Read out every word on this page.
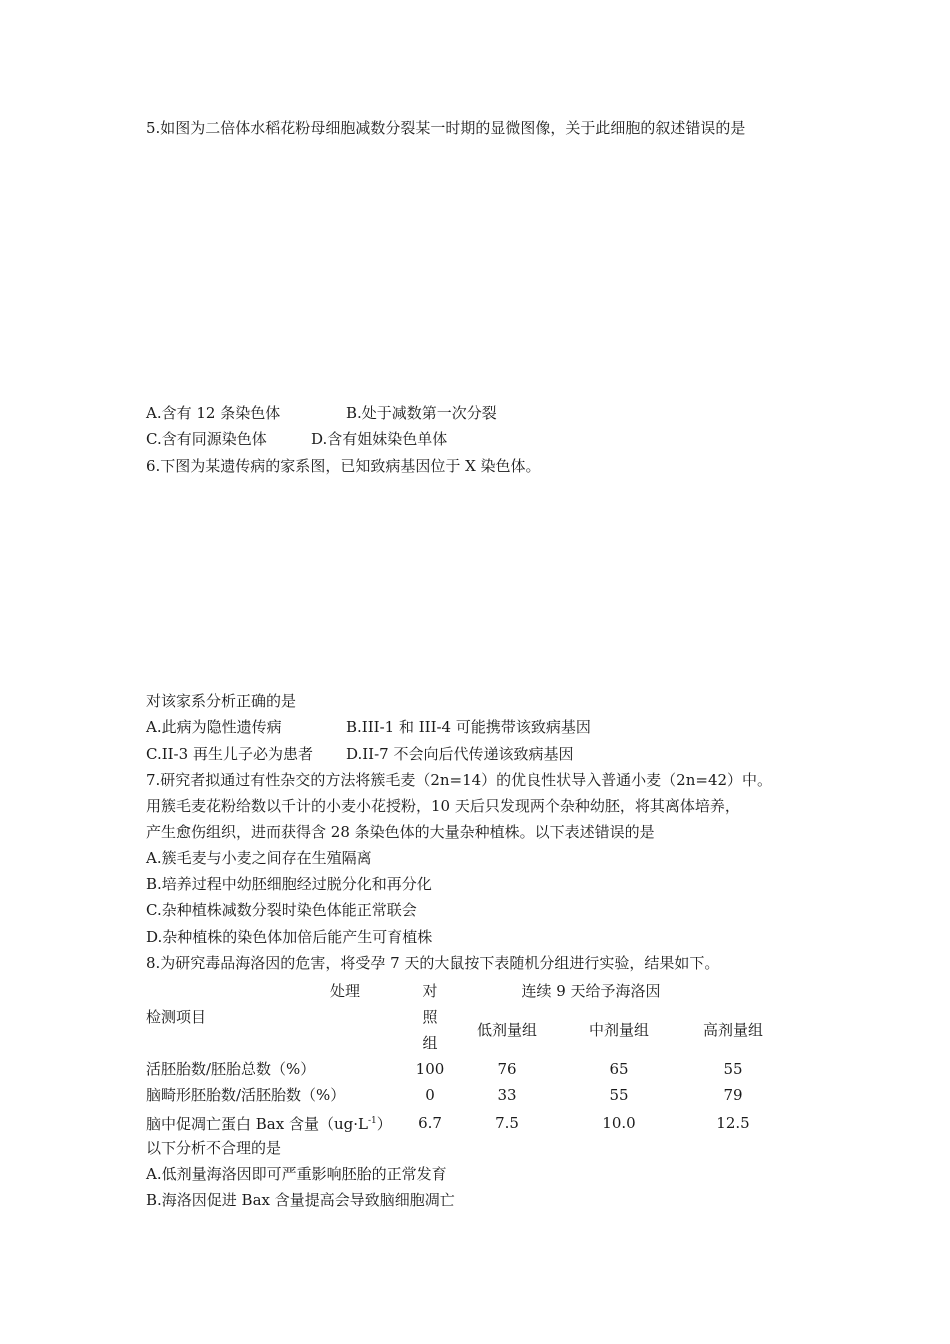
5.如图为二倍体水稻花粉母细胞减数分裂某一时期的显微图像，关于此细胞的叙述错误的是
A.含有 12 条染色体	B.处于减数第一次分裂
C.含有同源染色体	D.含有姐妹染色单体
6.下图为某遗传病的家系图，已知致病基因位于 X 染色体。
对该家系分析正确的是
A.此病为隐性遗传病	B.III-1 和 III-4 可能携带该致病基因
C.II-3 再生儿子必为患者 D.II-7 不会向后代传递该致病基因
7.研究者拟通过有性杂交的方法将簇毛麦（2n=14）的优良性状导入普通小麦（2n=42）中。
用簇毛麦花粉给数以千计的小麦小花授粉，10 天后只发现两个杂种幼胚，将其离体培养，
产生愈伤组织，进而获得含 28 条染色体的大量杂种植株。以下表述错误的是
A.簇毛麦与小麦之间存在生殖隔离
B.培养过程中幼胚细胞经过脱分化和再分化
C.杂种植株减数分裂时染色体能正常联会
D.杂种植株的染色体加倍后能产生可育植株
8.为研究毒品海洛因的危害，将受孕 7 天的大鼠按下表随机分组进行实验，结果如下。
处理	对	连续 9 天给予海洛因		
检测项目	照	低剂量组	中剂量组	高剂量组
	组			
活胚胎数/胚胎总数（%）	100	76	65	55
脑畸形胚胎数/活胚胎数（%）	0	33	55	79
脑中促凋亡蛋白 Bax 含量$(ug\cdot L^{-1})$	6.7	7.5	10.0	12.5
以下分析不合理的是
A.低剂量海洛因即可严重影响胚胎的正常发育
B.海洛因促进 Bax 含量提高会导致脑细胞凋亡
